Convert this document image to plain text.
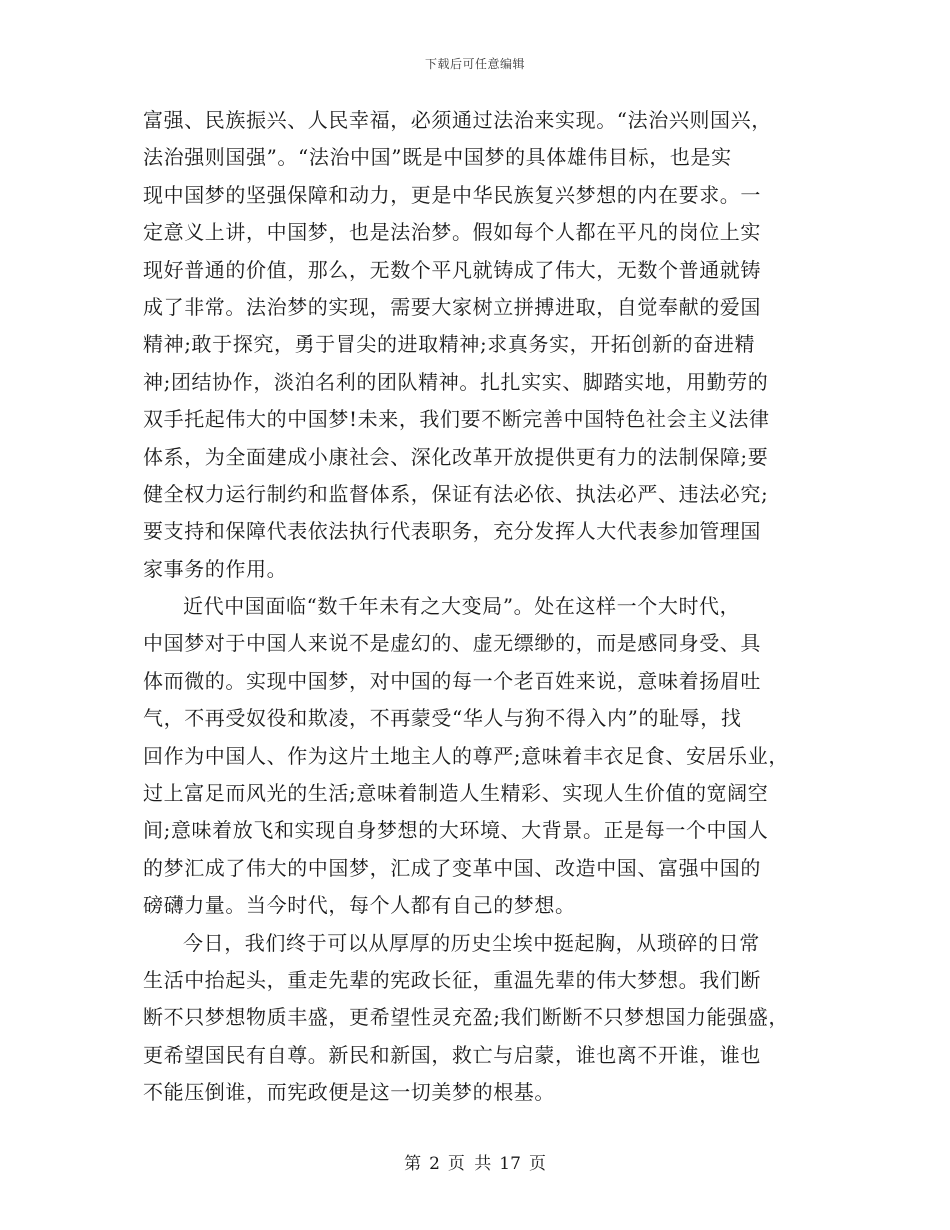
下载后可任意编辑
富强、民族振兴、人民幸福，必须通过法治来实现。“法治兴则国兴，
法治强则国强”。“法治中国”既是中国梦的具体雄伟目标，也是实
现中国梦的坚强保障和动力，更是中华民族复兴梦想的内在要求。一
定意义上讲，中国梦，也是法治梦。假如每个人都在平凡的岗位上实
现好普通的价值，那么，无数个平凡就铸成了伟大，无数个普通就铸
成了非常。法治梦的实现，需要大家树立拼搏进取，自觉奉献的爱国
精神;敢于探究，勇于冒尖的进取精神;求真务实，开拓创新的奋进精
神;团结协作，淡泊名利的团队精神。扎扎实实、脚踏实地，用勤劳的
双手托起伟大的中国梦!未来，我们要不断完善中国特色社会主义法律
体系，为全面建成小康社会、深化改革开放提供更有力的法制保障;要
健全权力运行制约和监督体系，保证有法必依、执法必严、违法必究;
要支持和保障代表依法执行代表职务，充分发挥人大代表参加管理国
家事务的作用。
近代中国面临“数千年未有之大变局”。处在这样一个大时代，
中国梦对于中国人来说不是虚幻的、虚无缥缈的，而是感同身受、具
体而微的。实现中国梦，对中国的每一个老百姓来说，意味着扬眉吐
气，不再受奴役和欺凌，不再蒙受“华人与狗不得入内”的耻辱，找
回作为中国人、作为这片土地主人的尊严;意味着丰衣足食、安居乐业，
过上富足而风光的生活;意味着制造人生精彩、实现人生价值的宽阔空
间;意味着放飞和实现自身梦想的大环境、大背景。正是每一个中国人
的梦汇成了伟大的中国梦，汇成了变革中国、改造中国、富强中国的
磅礴力量。当今时代，每个人都有自己的梦想。
今日，我们终于可以从厚厚的历史尘埃中挺起胸，从琐碎的日常
生活中抬起头，重走先辈的宪政长征，重温先辈的伟大梦想。我们断
断不只梦想物质丰盛，更希望性灵充盈;我们断断不只梦想国力能强盛，
更希望国民有自尊。新民和新国，救亡与启蒙，谁也离不开谁，谁也
不能压倒谁，而宪政便是这一切美梦的根基。
第 2 页 共 17 页
